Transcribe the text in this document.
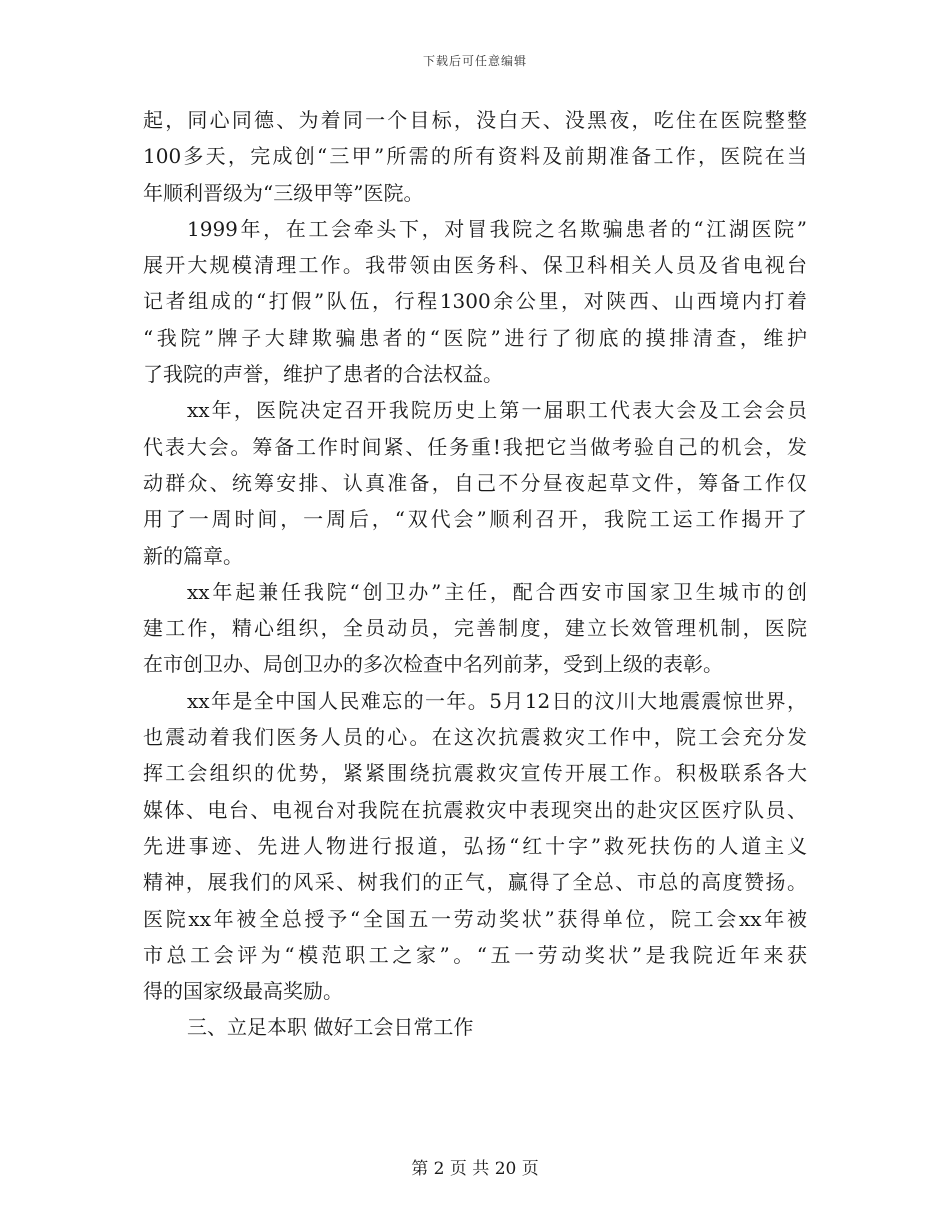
下载后可任意编辑
起，同心同德、为着同一个目标，没白天、没黑夜，吃住在医院整整
100多天，完成创“三甲”所需的所有资料及前期准备工作，医院在当
年顺利晋级为“三级甲等”医院。
1999年，在工会牵头下，对冒我院之名欺骗患者的“江湖医院”
展开大规模清理工作。我带领由医务科、保卫科相关人员及省电视台
记者组成的“打假”队伍，行程1300余公里，对陕西、山西境内打着
“我院”牌子大肆欺骗患者的“医院”进行了彻底的摸排清查，维护
了我院的声誉，维护了患者的合法权益。
xx年，医院决定召开我院历史上第一届职工代表大会及工会会员
代表大会。筹备工作时间紧、任务重!我把它当做考验自己的机会，发
动群众、统筹安排、认真准备，自己不分昼夜起草文件，筹备工作仅
用了一周时间，一周后，“双代会”顺利召开，我院工运工作揭开了
新的篇章。
xx年起兼任我院“创卫办”主任，配合西安市国家卫生城市的创
建工作，精心组织，全员动员，完善制度，建立长效管理机制，医院
在市创卫办、局创卫办的多次检查中名列前茅，受到上级的表彰。
xx年是全中国人民难忘的一年。5月12日的汶川大地震震惊世界，
也震动着我们医务人员的心。在这次抗震救灾工作中，院工会充分发
挥工会组织的优势，紧紧围绕抗震救灾宣传开展工作。积极联系各大
媒体、电台、电视台对我院在抗震救灾中表现突出的赴灾区医疗队员、
先进事迹、先进人物进行报道，弘扬“红十字”救死扶伤的人道主义
精神，展我们的风采、树我们的正气，赢得了全总、市总的高度赞扬。
医院xx年被全总授予“全国五一劳动奖状”获得单位，院工会xx年被
市总工会评为“模范职工之家”。“五一劳动奖状”是我院近年来获
得的国家级最高奖励。
三、立足本职 做好工会日常工作
第 2 页 共 20 页
